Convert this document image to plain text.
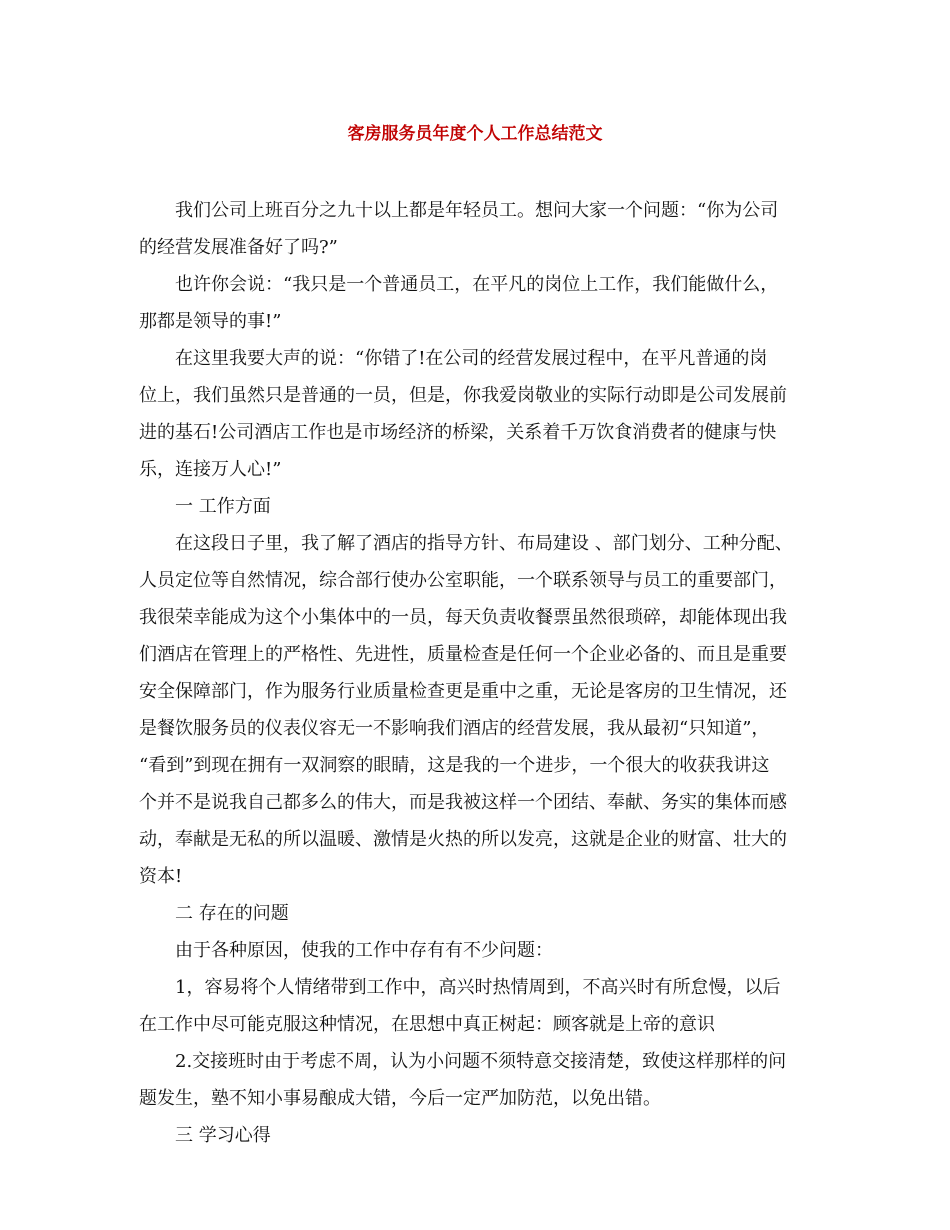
客房服务员年度个人工作总结范文

我们公司上班百分之九十以上都是年轻员工。想问大家一个问题：“你为公司

的经营发展准备好了吗?”

也许你会说：“我只是一个普通员工，在平凡的岗位上工作，我们能做什么，

那都是领导的事!”

在这里我要大声的说：“你错了!在公司的经营发展过程中，在平凡普通的岗

位上，我们虽然只是普通的一员，但是，你我爱岗敬业的实际行动即是公司发展前

进的基石!公司酒店工作也是市场经济的桥梁，关系着千万饮食消费者的健康与快

乐，连接万人心!”

一 工作方面

在这段日子里，我了解了酒店的指导方针、布局建设 、部门划分、工种分配、

人员定位等自然情况，综合部行使办公室职能，一个联系领导与员工的重要部门，

我很荣幸能成为这个小集体中的一员，每天负责收餐票虽然很琐碎，却能体现出我

们酒店在管理上的严格性、先进性，质量检查是任何一个企业必备的、而且是重要

安全保障部门，作为服务行业质量检查更是重中之重，无论是客房的卫生情况，还

是餐饮服务员的仪表仪容无一不影响我们酒店的经营发展，我从最初“只知道”，

“看到”到现在拥有一双洞察的眼睛，这是我的一个进步，一个很大的收获我讲这

个并不是说我自己都多么的伟大，而是我被这样一个团结、奉献、务实的集体而感

动，奉献是无私的所以温暖、激情是火热的所以发亮，这就是企业的财富、壮大的

资本!

二 存在的问题

由于各种原因，使我的工作中存有有不少问题：

1，容易将个人情绪带到工作中，高兴时热情周到，不高兴时有所怠慢，以后

在工作中尽可能克服这种情况，在思想中真正树起：顾客就是上帝的意识

2.交接班时由于考虑不周，认为小问题不须特意交接清楚，致使这样那样的问

题发生，塾不知小事易酿成大错，今后一定严加防范，以免出错。

三 学习心得
